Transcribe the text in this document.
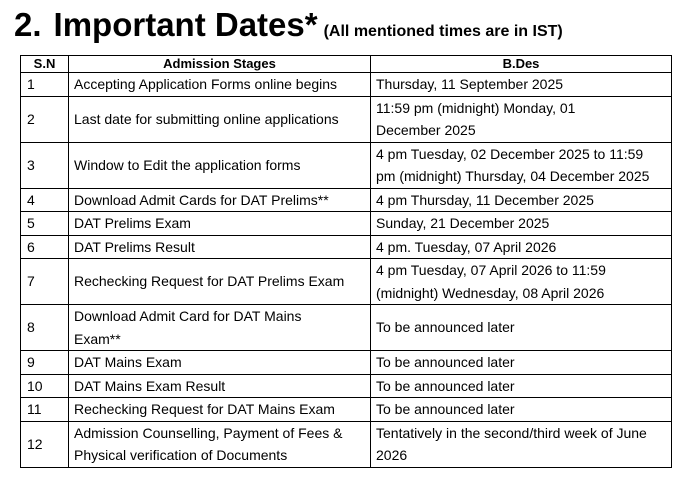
2. Important Dates* (All mentioned times are in IST)
S.N	Admission Stages	B.Des
1	Accepting Application Forms online begins	Thursday, 11 September 2025
2	Last date for submitting online applications	11:59 pm (midnight) Monday, 01 December 2025
3	Window to Edit the application forms	4 pm Tuesday, 02 December 2025 to 11:59 pm (midnight) Thursday, 04 December 2025
4	Download Admit Cards for DAT Prelims**	4 pm Thursday, 11 December 2025
5	DAT Prelims Exam	Sunday, 21 December 2025
6	DAT Prelims Result	4 pm. Tuesday, 07 April 2026
7	Rechecking Request for DAT Prelims Exam	4 pm Tuesday, 07 April 2026 to 11:59 (midnight) Wednesday, 08 April 2026
8	Download Admit Card for DAT Mains Exam**	To be announced later
9	DAT Mains Exam	To be announced later
10	DAT Mains Exam Result	To be announced later
11	Rechecking Request for DAT Mains Exam	To be announced later
12	Admission Counselling, Payment of Fees & Physical verification of Documents	Tentatively in the second/third week of June 2026
